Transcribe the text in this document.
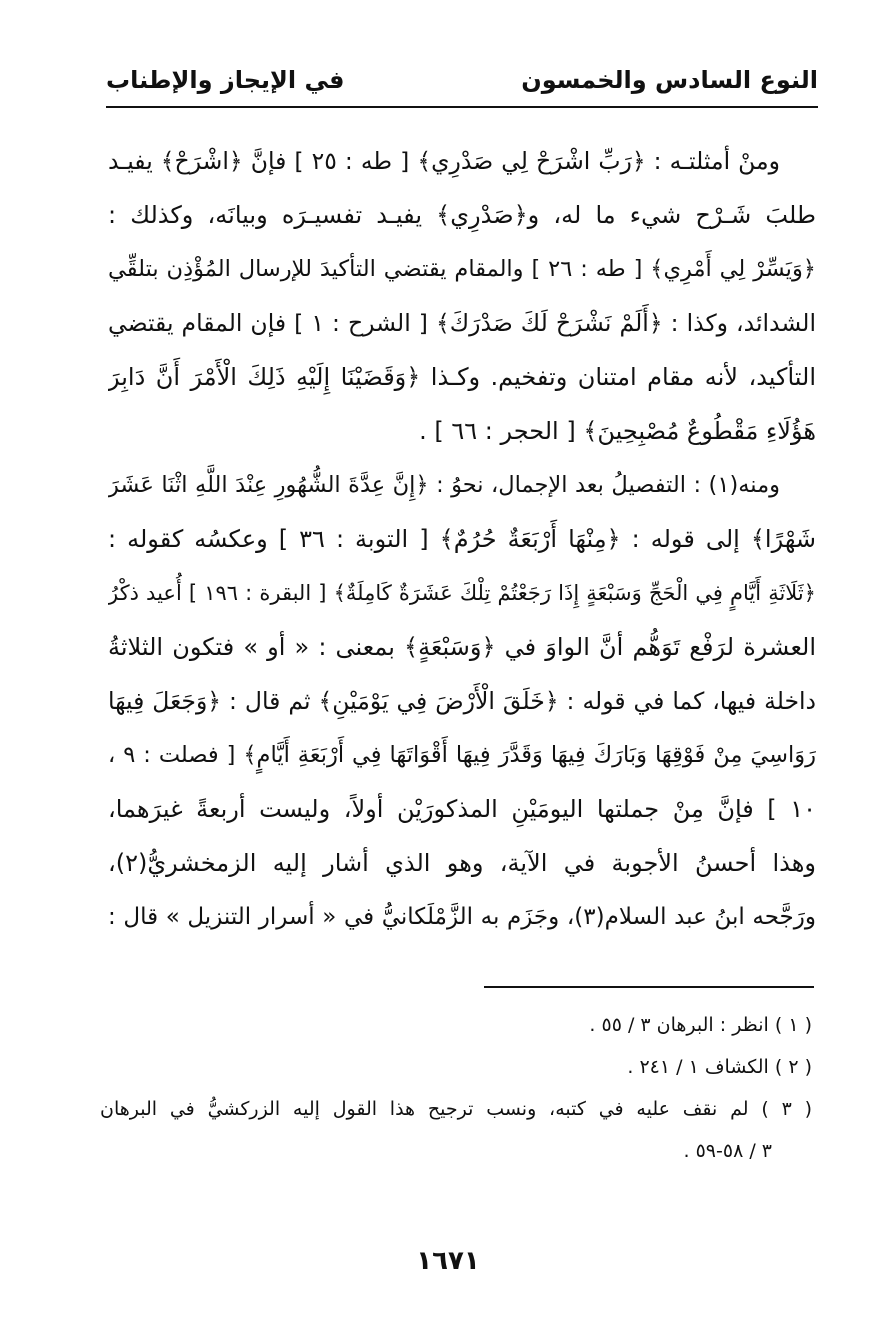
النوع السادس والخمسون
في الإيجاز والإطناب
ومنْ أمثلتـه : ﴿رَبِّ اشْرَحْ لِي صَدْرِي﴾ [ طه : ٢٥ ] فإنَّ ﴿اشْرَحْ﴾ يفيـد
طلبَ شَـرْح شيء ما له، و﴿صَدْرِي﴾ يفيـد تفسيـرَه وبيانَه، وكذلك :
﴿وَيَسِّرْ لِي أَمْرِي﴾ [ طه : ٢٦ ] والمقام يقتضي التأكيدَ للإرسال المُؤْذِن بتلقِّي
الشدائد، وكذا : ﴿أَلَمْ نَشْرَحْ لَكَ صَدْرَكَ﴾ [ الشرح : ١ ] فإن المقام يقتضي
التأكيد، لأنه مقام امتنان وتفخيم. وكـذا ﴿وَقَضَيْنَا إِلَيْهِ ذَلِكَ الْأَمْرَ أَنَّ دَابِرَ
هَؤُلَاءِ مَقْطُوعٌ مُصْبِحِينَ﴾ [ الحجر : ٦٦ ] .
ومنه(١) : التفصيلُ بعد الإجمال، نحوُ : ﴿إِنَّ عِدَّةَ الشُّهُورِ عِنْدَ اللَّهِ اثْنَا عَشَرَ
شَهْرًا﴾ إلى قوله : ﴿مِنْهَا أَرْبَعَةٌ حُرُمٌ﴾ [ التوبة : ٣٦ ] وعكسُه كقوله :
﴿ثَلَاثَةِ أَيَّامٍ فِي الْحَجِّ وَسَبْعَةٍ إِذَا رَجَعْتُمْ تِلْكَ عَشَرَةٌ كَامِلَةٌ﴾ [ البقرة : ١٩٦ ] أُعيد ذكْرُ
العشرة لرَفْع تَوَهُّم أنَّ الواوَ في ﴿وَسَبْعَةٍ﴾ بمعنى : « أو » فتكون الثلاثةُ
داخلة فيها، كما في قوله : ﴿خَلَقَ الْأَرْضَ فِي يَوْمَيْنِ﴾ ثم قال : ﴿وَجَعَلَ فِيهَا
رَوَاسِيَ مِنْ فَوْقِهَا وَبَارَكَ فِيهَا وَقَدَّرَ فِيهَا أَقْوَاتَهَا فِي أَرْبَعَةِ أَيَّامٍ﴾ [ فصلت : ٩ ،
١٠ ] فإنَّ مِنْ جملتها اليومَيْنِ المذكورَيْن أولاً، وليست أربعةً غيرَهما،
وهذا أحسنُ الأجوبة في الآية، وهو الذي أشار إليه الزمخشريُّ(٢)،
ورَجَّحه ابنُ عبد السلام(٣)، وجَزَم به الزَّمْلَكانيُّ في « أسرار التنزيل » قال :
( ١ ) انظر : البرهان ٣ / ٥٥ .
( ٢ ) الكشاف ١ / ٢٤١ .
( ٣ ) لم نقف عليه في كتبه، ونسب ترجيح هذا القول إليه الزركشيُّ في البرهان
٣ / ٥٨-٥٩ .
١٦٧١
